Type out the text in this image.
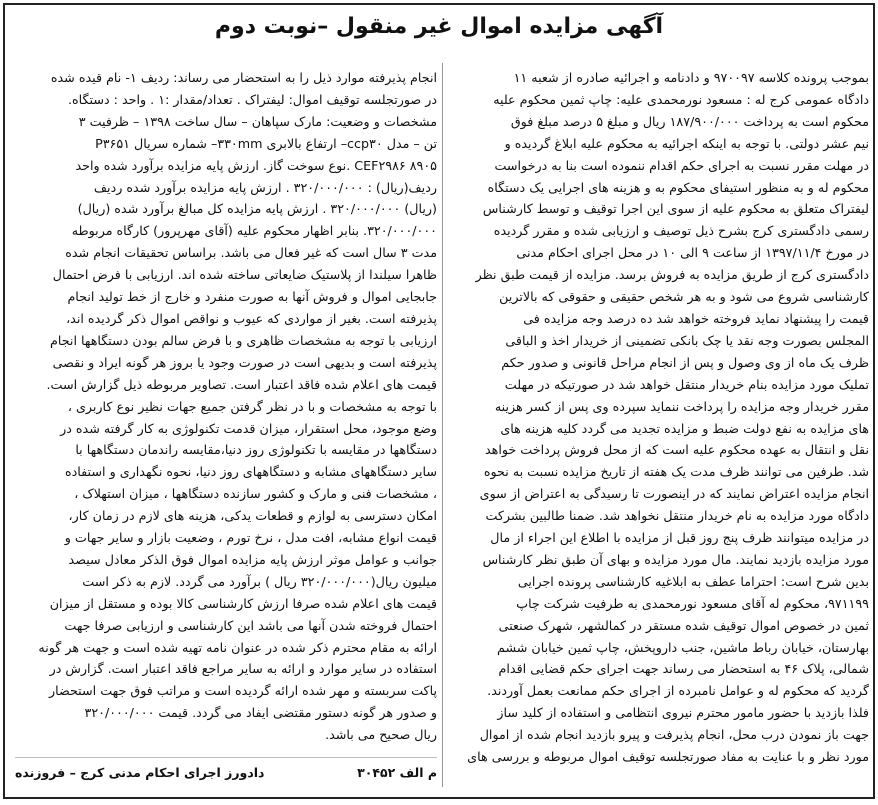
آگهی مزایده اموال غیر منقول –نوبت دوم
بموجب پرونده کلاسه ۹۷۰۰۹۷ و دادنامه و اجرائیه صادره از شعبه ۱۱
دادگاه عمومی کرج له : مسعود نورمحمدی علیه: چاپ ثمین محکوم علیه
محکوم است به پرداخت ۱۸۷/۹۰۰/۰۰۰ ریال و مبلغ ۵ درصد مبلغ فوق
نیم عشر دولتی. با توجه به اینکه اجرائیه به محکوم علیه ابلاغ گردیده و
در مهلت مقرر نسبت به اجرای حکم اقدام ننموده است بنا به درخواست
محکوم له و به منظور استیفای محکوم به و هزینه های اجرایی یک دستگاه
لیفتراک متعلق به محکوم علیه از سوی این اجرا توقیف و توسط کارشناس
رسمی دادگستری کرج بشرح ذیل توصیف و ارزیابی شده و مقرر گردیده
در مورخ ۱۳۹۷/۱۱/۴ از ساعت ۹ الی ۱۰ در محل اجرای احکام مدنی
دادگستری کرج از طریق مزایده به فروش برسد. مزایده از قیمت طبق نظر
کارشناسی شروع می شود و به هر شخص حقیقی و حقوقی که بالاترین
قیمت را پیشنهاد نماید فروخته خواهد شد ده درصد وجه مزایده فی
المجلس بصورت وجه نقد یا چک بانکی تضمینی از خریدار اخذ و الباقی
ظرف یک ماه از وی وصول و پس از انجام مراحل قانونی و صدور حکم
تملیک مورد مزایده بنام خریدار منتقل خواهد شد در صورتیکه در مهلت
مقرر خریدار وجه مزایده را پرداخت ننماید سپرده وی پس از کسر هزینه
های مزایده به نفع دولت ضبط و مزایده تجدید می گردد کلیه هزینه های
نقل و انتقال به عهده محکوم علیه است که از محل فروش پرداخت خواهد
شد. طرفین می توانند ظرف مدت یک هفته از تاریخ مزایده نسبت به نحوه
انجام مزایده اعتراض نمایند که در اینصورت تا رسیدگی به اعتراض از سوی
دادگاه مورد مزایده به نام خریدار منتقل نخواهد شد. ضمنا طالبین بشرکت
در مزایده میتوانند ظرف پنج روز قبل از مزایده با اطلاع این اجراء از مال
مورد مزایده بازدید نمایند. مال مورد مزایده و بهای آن طبق نظر کارشناس
بدین شرح است: احتراما عطف به ابلاغیه کارشناسی پرونده اجرایی
۹۷۱۱۹۹، محکوم له آقای مسعود نورمحمدی به طرفیت شرکت چاپ
ثمین در خصوص اموال توقیف شده مستقر در کمالشهر، شهرک صنعتی
بهارستان، خیابان رباط ماشین، جنب داروپخش، چاپ ثمین خیابان ششم
شمالی، پلاک ۴۶ به استحضار می رساند جهت اجرای حکم قضایی اقدام
گردید که محکوم له و عوامل نامبرده از اجرای حکم ممانعت بعمل آوردند.
فلذا بازدید با حضور مامور محترم نیروی انتظامی و استفاده از کلید ساز
جهت باز نمودن درب محل، انجام پذیرفت و پیرو بازدید انجام شده از اموال
مورد نظر و با عنایت به مفاد صورتجلسه توقیف اموال مربوطه و بررسی های
انجام پذیرفته موارد ذیل را به استحضار می رساند: ردیف ۱- نام قیده شده
در صورتجلسه توقیف اموال: لیفتراک . تعداد/مقدار :۱ . واحد : دستگاه.
مشخصات و وضعیت: مارک سپاهان – سال ساخت ۱۳۹۸ – ظرفیت ۳
تن – مدل ccp۳۰– ارتفاع بالابری ۳۳۰mm– شماره سریال P۳۶۵۱
CEF۲۹۸۶ ۸۹۰۵ .نوع سوخت گاز. ارزش پایه مزایده برآورد شده واحد
ردیف(ریال) : ۳۲۰/۰۰۰/۰۰۰ . ارزش پایه مزایده برآورد شده ردیف
(ریال) ۳۲۰/۰۰۰/۰۰۰ . ارزش پایه مزایده کل مبالغ برآورد شده (ریال)
۳۲۰/۰۰۰/۰۰۰. بنابر اظهار محکوم علیه (آقای مهرپرور) کارگاه مربوطه
مدت ۳ سال است که غیر فعال می باشد. براساس تحقیقات انجام شده
ظاهرا سیلندا از پلاستیک ضایعاتی ساخته شده اند. ارزیابی با فرض احتمال
جابجایی اموال و فروش آنها به صورت منفرد و خارج از خط تولید انجام
پذیرفته است. بغیر از مواردی که عیوب و نواقص اموال ذکر گردیده اند،
ارزیابی با توجه به مشخصات ظاهری و با فرض سالم بودن دستگاهها انجام
پذیرفته است و بدیهی است در صورت وجود یا بروز هر گونه ایراد و نقصی
قیمت های اعلام شده فاقد اعتبار است. تصاویر مربوطه ذیل گزارش است.
با توجه به مشخصات و با در نظر گرفتن جمیع جهات نظیر نوع کاربری ،
وضع موجود، محل استقرار، میزان قدمت تکنولوژی به کار گرفته شده در
دستگاهها در مقایسه با تکنولوژی روز دنیا،مقایسه راندمان دستگاهها با
سایر دستگاههای مشابه و دستگاههای روز دنیا، نحوه نگهداری و استفاده
، مشخصات فنی و مارک و کشور سازنده دستگاهها ، میزان استهلاک ،
امکان دسترسی به لوازم و قطعات یدکی، هزینه های لازم در زمان کار،
قیمت انواع مشابه، افت مدل ، نرخ تورم ، وضعیت بازار و سایر جهات و
جوانب و عوامل موثر ارزش پایه مزایده اموال فوق الذکر معادل سیصد
میلیون ریال(۳۲۰/۰۰۰/۰۰۰ ریال ) برآورد می گردد. لازم به ذکر است
قیمت های اعلام شده صرفا ارزش کارشناسی کالا بوده و مستقل از میزان
احتمال فروخته شدن آنها می باشد این کارشناسی و ارزیابی صرفا جهت
ارائه به مقام محترم ذکر شده در عنوان نامه تهیه شده است و جهت هر گونه
استفاده در سایر موارد و ارائه به سایر مراجع فاقد اعتبار است. گزارش در
پاکت سربسته و مهر شده ارائه گردیده است و مراتب فوق جهت استحضار
و صدور هر گونه دستور مقتضی ایفاد می گردد. قیمت ۳۲۰/۰۰۰/۰۰۰
ریال صحیح می باشد.
م الف ۳۰۴۵۲
دادورز اجرای احکام مدنی کرج – فروزنده
